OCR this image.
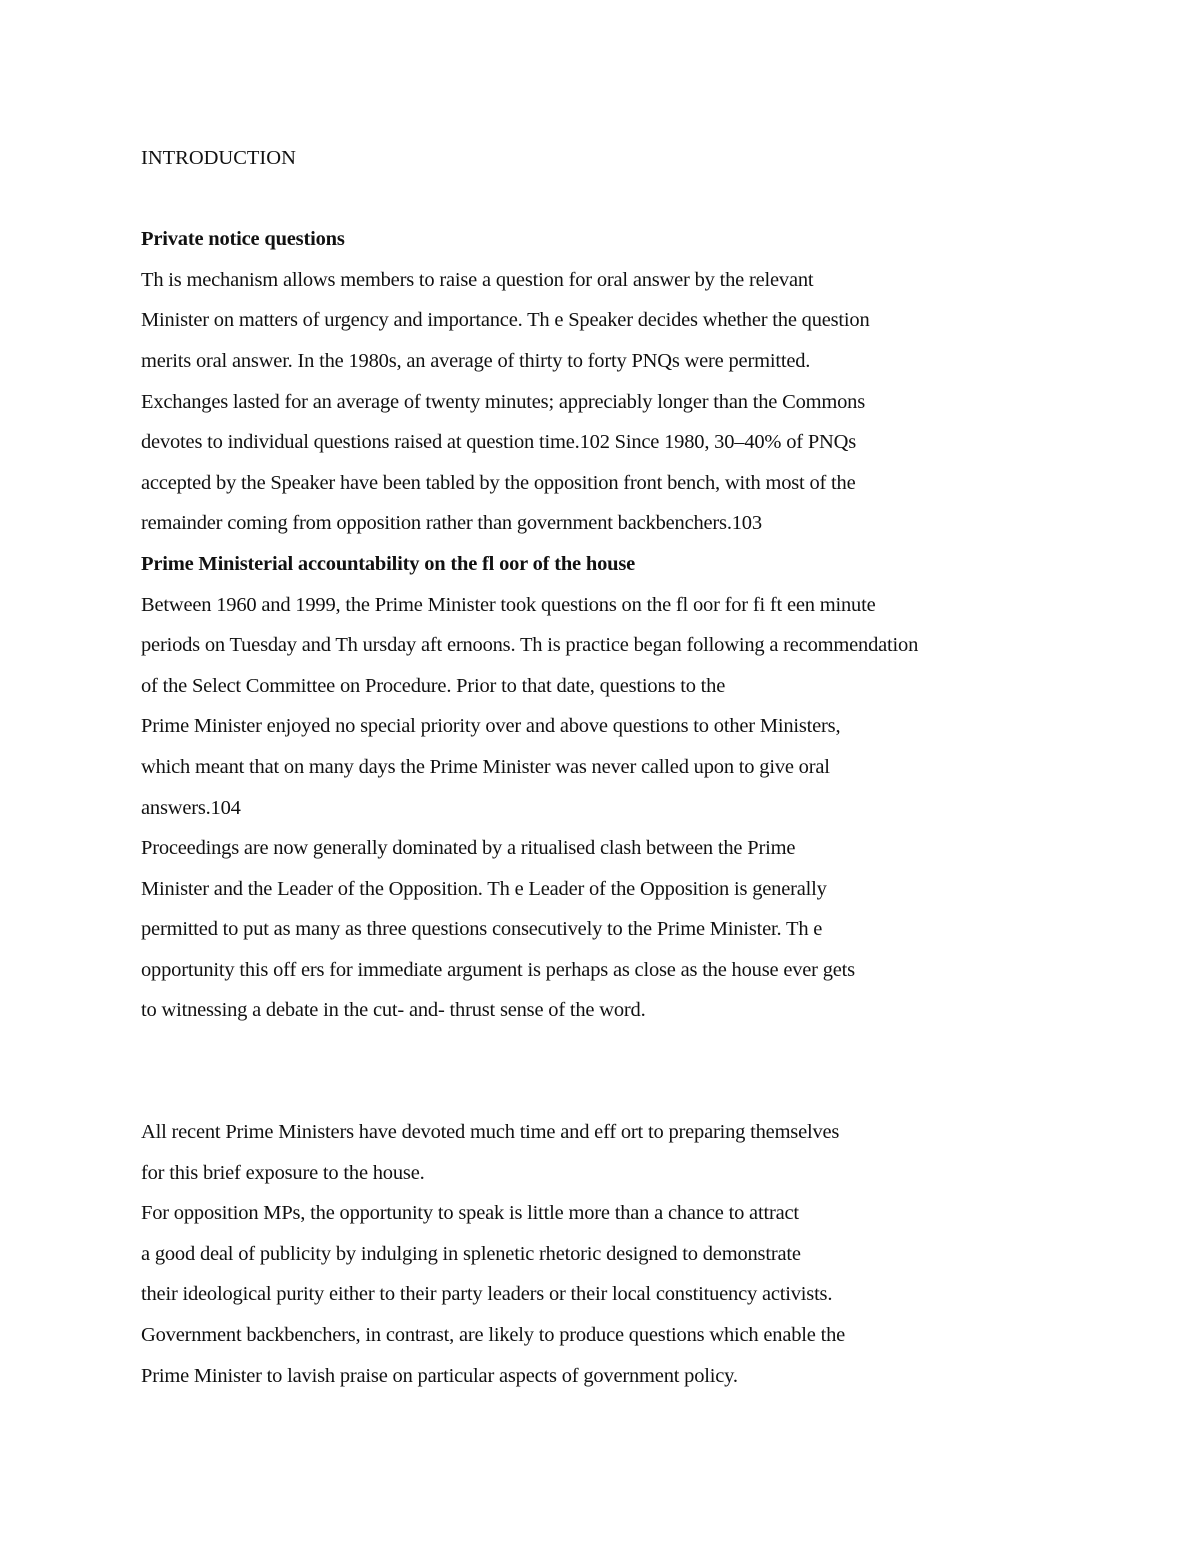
INTRODUCTION
Private notice questions
Th is mechanism allows members to raise a question for oral answer by the relevant
Minister on matters of urgency and importance. Th e Speaker decides whether the question
merits oral answer. In the 1980s, an average of thirty to forty PNQs were permitted.
Exchanges lasted for an average of twenty minutes; appreciably longer than the Commons
devotes to individual questions raised at question time.102 Since 1980, 30–40% of PNQs
accepted by the Speaker have been tabled by the opposition front bench, with most of the
remainder coming from opposition rather than government backbenchers.103
Prime Ministerial accountability on the fl oor of the house
Between 1960 and 1999, the Prime Minister took questions on the fl oor for fi ft een minute
periods on Tuesday and Th ursday aft ernoons. Th is practice began following a recommendation
of the Select Committee on Procedure. Prior to that date, questions to the
Prime Minister enjoyed no special priority over and above questions to other Ministers,
which meant that on many days the Prime Minister was never called upon to give oral
answers.104
Proceedings are now generally dominated by a ritualised clash between the Prime
Minister and the Leader of the Opposition. Th e Leader of the Opposition is generally
permitted to put as many as three questions consecutively to the Prime Minister. Th e
opportunity this off ers for immediate argument is perhaps as close as the house ever gets
to witnessing a debate in the cut- and- thrust sense of the word.
All recent Prime Ministers have devoted much time and eff ort to preparing themselves
for this brief exposure to the house.
For opposition MPs, the opportunity to speak is little more than a chance to attract
a good deal of publicity by indulging in splenetic rhetoric designed to demonstrate
their ideological purity either to their party leaders or their local constituency activists.
Government backbenchers, in contrast, are likely to produce questions which enable the
Prime Minister to lavish praise on particular aspects of government policy.
